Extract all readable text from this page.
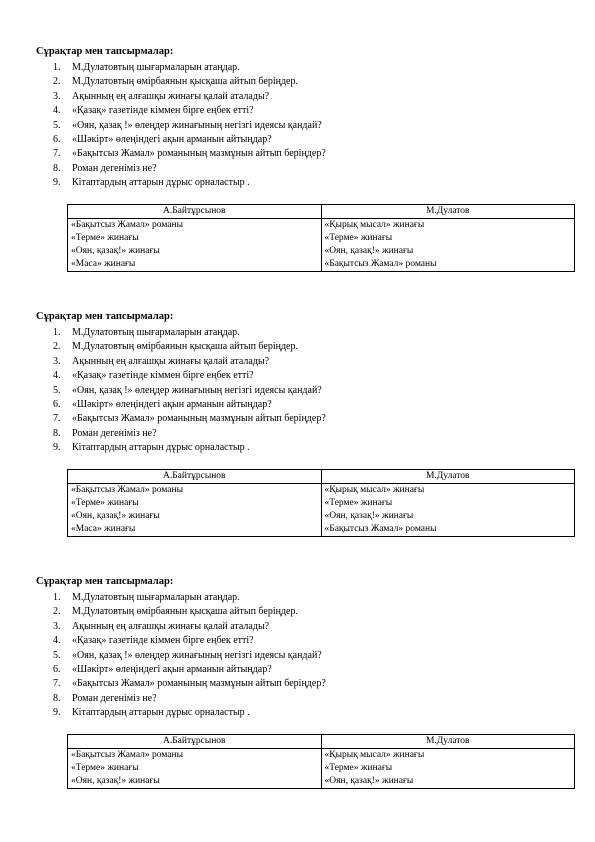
Сұрақтар мен тапсырмалар:
1. М.Дулатовтың шығармаларын атаңдар.
2. М.Дулатовтың өмірбаянын қысқаша айтып беріңдер.
3. Ақынның ең алғашқы жинағы қалай аталады?
4. «Қазақ» газетінде кіммен бірге еңбек етті?
5. «Оян, қазақ !» өлеңдер жинағының негізгі идеясы қандай?
6. «Шәкірт» өлеңіндегі ақын арманын айтыңдар?
7. «Бақытсыз Жамал» романының мазмұнын айтып беріңдер?
8. Роман дегеніміз не?
9. Кітаптардың аттарын дұрыс орналастыр .
А.Байтұрсынов	М.Дулатов
«Бақытсыз Жамал» романы	«Қырық мысал» жинағы
«Терме» жинағы	«Терме» жинағы
«Оян, қазақ!» жинағы	«Оян, қазақ!» жинағы
«Маса» жинағы	«Бақытсыз Жамал» романы
Сұрақтар мен тапсырмалар:
1. М.Дулатовтың шығармаларын атаңдар.
2. М.Дулатовтың өмірбаянын қысқаша айтып беріңдер.
3. Ақынның ең алғашқы жинағы қалай аталады?
4. «Қазақ» газетінде кіммен бірге еңбек етті?
5. «Оян, қазақ !» өлеңдер жинағының негізгі идеясы қандай?
6. «Шәкірт» өлеңіндегі ақын арманын айтыңдар?
7. «Бақытсыз Жамал» романының мазмұнын айтып беріңдер?
8. Роман дегеніміз не?
9. Кітаптардың аттарын дұрыс орналастыр .
А.Байтұрсынов	М.Дулатов
«Бақытсыз Жамал» романы	«Қырық мысал» жинағы
«Терме» жинағы	«Терме» жинағы
«Оян, қазақ!» жинағы	«Оян, қазақ!» жинағы
«Маса» жинағы	«Бақытсыз Жамал» романы
Сұрақтар мен тапсырмалар:
1. М.Дулатовтың шығармаларын атаңдар.
2. М.Дулатовтың өмірбаянын қысқаша айтып беріңдер.
3. Ақынның ең алғашқы жинағы қалай аталады?
4. «Қазақ» газетінде кіммен бірге еңбек етті?
5. «Оян, қазақ !» өлеңдер жинағының негізгі идеясы қандай?
6. «Шәкірт» өлеңіндегі ақын арманын айтыңдар?
7. «Бақытсыз Жамал» романының мазмұнын айтып беріңдер?
8. Роман дегеніміз не?
9. Кітаптардың аттарын дұрыс орналастыр .
А.Байтұрсынов	М.Дулатов
«Бақытсыз Жамал» романы	«Қырық мысал» жинағы
«Терме» жинағы	«Терме» жинағы
«Оян, қазақ!» жинағы	«Оян, қазақ!» жинағы
